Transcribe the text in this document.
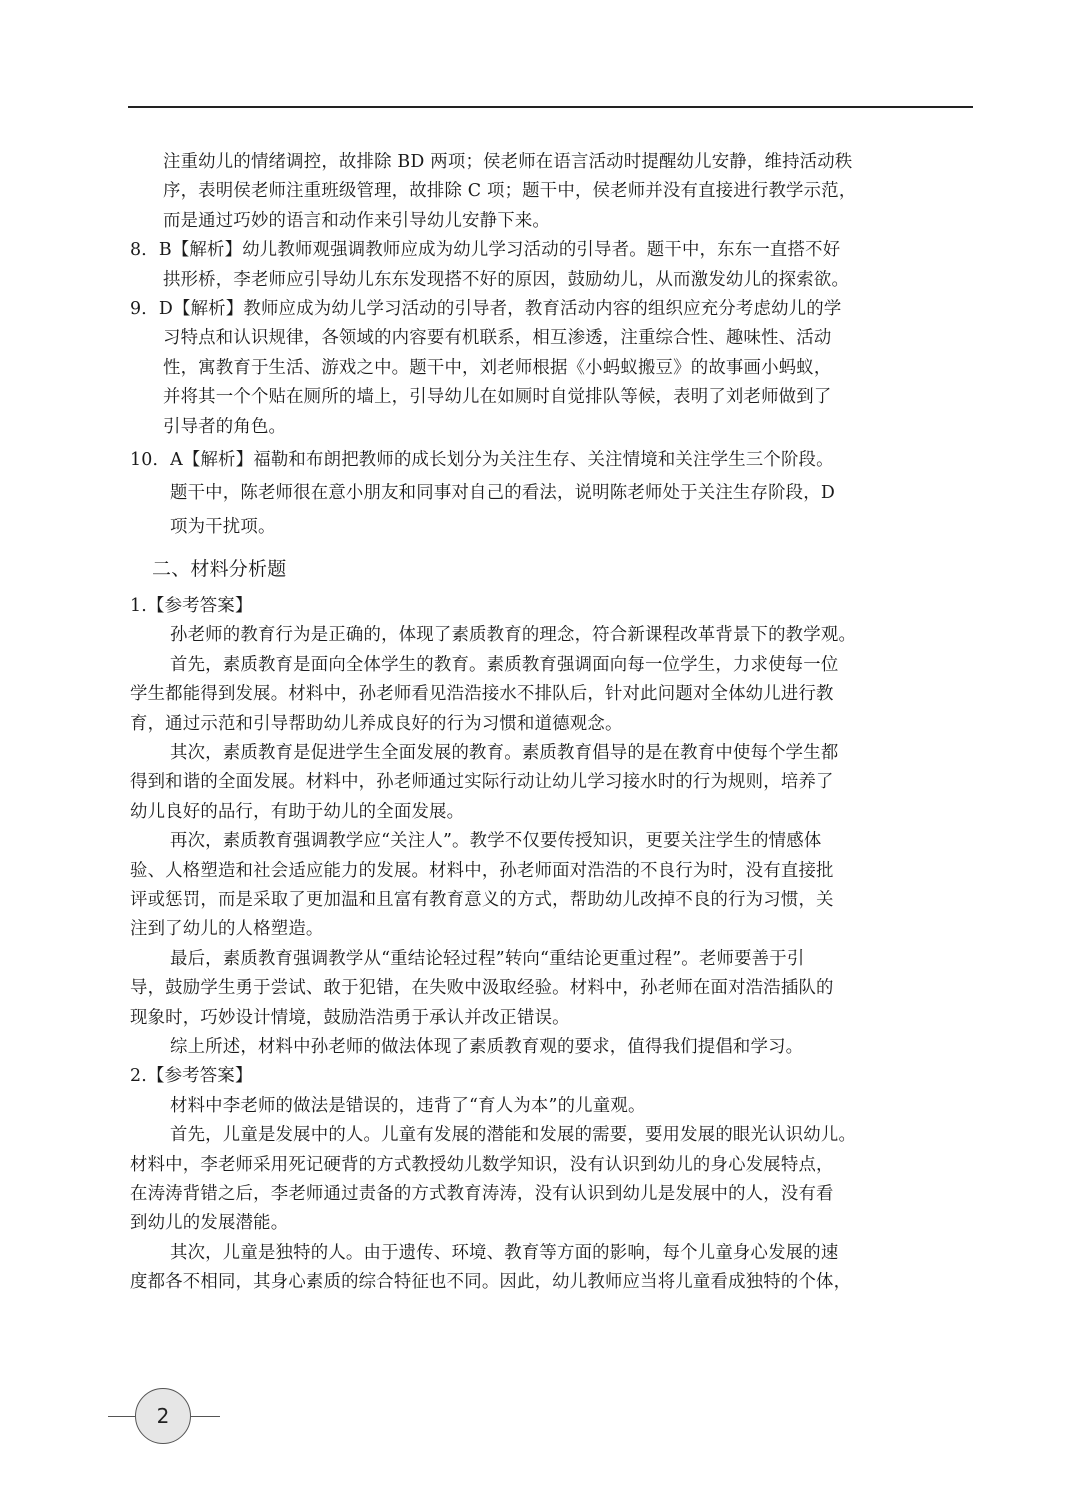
注重幼儿的情绪调控，故排除 BD 两项；侯老师在语言活动时提醒幼儿安静，维持活动秩
序，表明侯老师注重班级管理，故排除 C 项；题干中，侯老师并没有直接进行教学示范，
而是通过巧妙的语言和动作来引导幼儿安静下来。
8．B【解析】幼儿教师观强调教师应成为幼儿学习活动的引导者。题干中，东东一直搭不好
拱形桥，李老师应引导幼儿东东发现搭不好的原因，鼓励幼儿，从而激发幼儿的探索欲。
9．D【解析】教师应成为幼儿学习活动的引导者，教育活动内容的组织应充分考虑幼儿的学
习特点和认识规律，各领域的内容要有机联系，相互渗透，注重综合性、趣味性、活动
性，寓教育于生活、游戏之中。题干中，刘老师根据《小蚂蚁搬豆》的故事画小蚂蚁，
并将其一个个贴在厕所的墙上，引导幼儿在如厕时自觉排队等候，表明了刘老师做到了
引导者的角色。
10．A【解析】福勒和布朗把教师的成长划分为关注生存、关注情境和关注学生三个阶段。
题干中，陈老师很在意小朋友和同事对自己的看法，说明陈老师处于关注生存阶段，D
项为干扰项。
二、材料分析题
1.【参考答案】
孙老师的教育行为是正确的，体现了素质教育的理念，符合新课程改革背景下的教学观。
首先，素质教育是面向全体学生的教育。素质教育强调面向每一位学生，力求使每一位
学生都能得到发展。材料中，孙老师看见浩浩接水不排队后，针对此问题对全体幼儿进行教
育，通过示范和引导帮助幼儿养成良好的行为习惯和道德观念。
其次，素质教育是促进学生全面发展的教育。素质教育倡导的是在教育中使每个学生都
得到和谐的全面发展。材料中，孙老师通过实际行动让幼儿学习接水时的行为规则，培养了
幼儿良好的品行，有助于幼儿的全面发展。
再次，素质教育强调教学应“关注人”。教学不仅要传授知识，更要关注学生的情感体
验、人格塑造和社会适应能力的发展。材料中，孙老师面对浩浩的不良行为时，没有直接批
评或惩罚，而是采取了更加温和且富有教育意义的方式，帮助幼儿改掉不良的行为习惯，关
注到了幼儿的人格塑造。
最后，素质教育强调教学从“重结论轻过程”转向“重结论更重过程”。老师要善于引
导，鼓励学生勇于尝试、敢于犯错，在失败中汲取经验。材料中，孙老师在面对浩浩插队的
现象时，巧妙设计情境，鼓励浩浩勇于承认并改正错误。
综上所述，材料中孙老师的做法体现了素质教育观的要求，值得我们提倡和学习。
2.【参考答案】
材料中李老师的做法是错误的，违背了“育人为本”的儿童观。
首先，儿童是发展中的人。儿童有发展的潜能和发展的需要，要用发展的眼光认识幼儿。
材料中，李老师采用死记硬背的方式教授幼儿数学知识，没有认识到幼儿的身心发展特点，
在涛涛背错之后，李老师通过责备的方式教育涛涛，没有认识到幼儿是发展中的人，没有看
到幼儿的发展潜能。
其次，儿童是独特的人。由于遗传、环境、教育等方面的影响，每个儿童身心发展的速
度都各不相同，其身心素质的综合特征也不同。因此，幼儿教师应当将儿童看成独特的个体，
2
